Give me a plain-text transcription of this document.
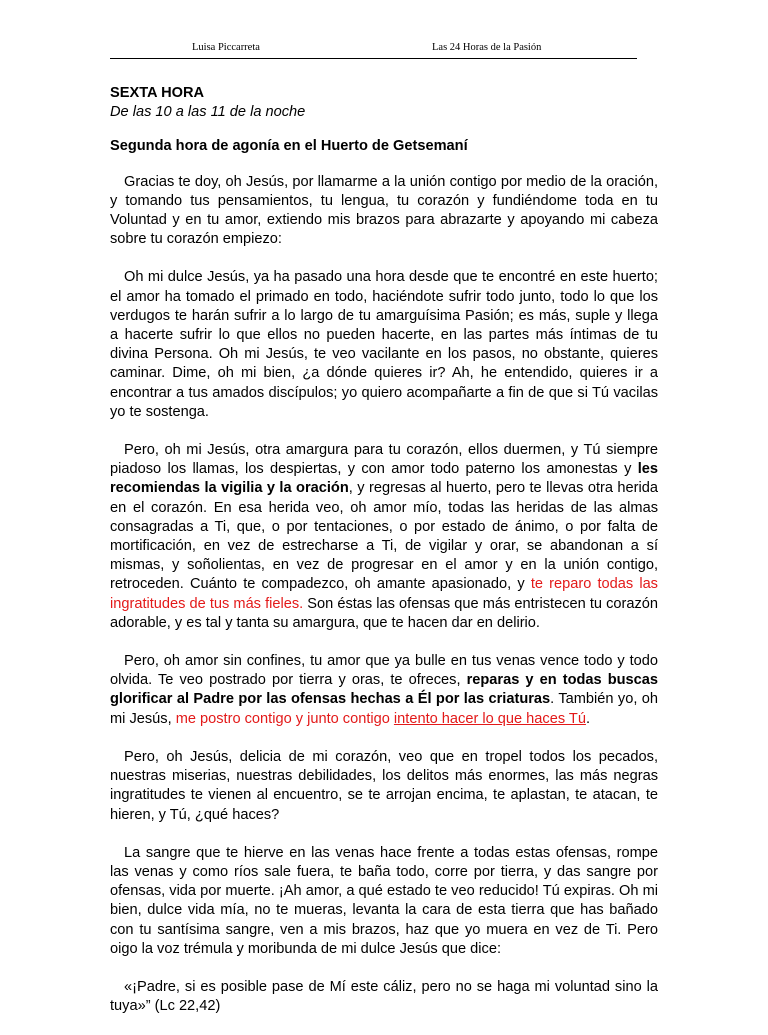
Luisa Piccarreta	Las 24 Horas de la Pasión
SEXTA HORA
De las 10 a las 11 de la noche
Segunda hora de agonía en el Huerto de Getsemaní

Gracias te doy, oh Jesús, por llamarme a la unión contigo por medio de la oración, y tomando tus pensamientos, tu lengua, tu corazón y fundiéndome toda en tu Voluntad y en tu amor, extiendo mis brazos para abrazarte y apoyando mi cabeza sobre tu corazón empiezo:

Oh mi dulce Jesús, ya ha pasado una hora desde que te encontré en este huerto; el amor ha tomado el primado en todo, haciéndote sufrir todo junto, todo lo que los verdugos te harán sufrir a lo largo de tu amarguísima Pasión; es más, suple y llega a hacerte sufrir lo que ellos no pueden hacerte, en las partes más íntimas de tu divina Persona. Oh mi Jesús, te veo vacilante en los pasos, no obstante, quieres caminar. Dime, oh mi bien, ¿a dónde quieres ir? Ah, he entendido, quieres ir a encontrar a tus amados discípulos; yo quiero acompañarte a fin de que si Tú vacilas yo te sostenga.

Pero, oh mi Jesús, otra amargura para tu corazón, ellos duermen, y Tú siempre piadoso los llamas, los despiertas, y con amor todo paterno los amonestas y les recomiendas la vigilia y la oración, y regresas al huerto, pero te llevas otra herida en el corazón. En esa herida veo, oh amor mío, todas las heridas de las almas consagradas a Ti, que, o por tentaciones, o por estado de ánimo, o por falta de mortificación, en vez de estrecharse a Ti, de vigilar y orar, se abandonan a sí mismas, y soñolientas, en vez de progresar en el amor y en la unión contigo, retroceden. Cuánto te compadezco, oh amante apasionado, y te reparo todas las ingratitudes de tus más fieles. Son éstas las ofensas que más entristecen tu corazón adorable, y es tal y tanta su amargura, que te hacen dar en delirio.

Pero, oh amor sin confines, tu amor que ya bulle en tus venas vence todo y todo olvida. Te veo postrado por tierra y oras, te ofreces, reparas y en todas buscas glorificar al Padre por las ofensas hechas a Él por las criaturas. También yo, oh mi Jesús, me postro contigo y junto contigo intento hacer lo que haces Tú.

Pero, oh Jesús, delicia de mi corazón, veo que en tropel todos los pecados, nuestras miserias, nuestras debilidades, los delitos más enormes, las más negras ingratitudes te vienen al encuentro, se te arrojan encima, te aplastan, te atacan, te hieren, y Tú, ¿qué haces?

La sangre que te hierve en las venas hace frente a todas estas ofensas, rompe las venas y como ríos sale fuera, te baña todo, corre por tierra, y das sangre por ofensas, vida por muerte. ¡Ah amor, a qué estado te veo reducido! Tú expiras. Oh mi bien, dulce vida mía, no te mueras, levanta la cara de esta tierra que has bañado con tu santísima sangre, ven a mis brazos, haz que yo muera en vez de Ti. Pero oigo la voz trémula y moribunda de mi dulce Jesús que dice:

«¡Padre, si es posible pase de Mí este cáliz, pero no se haga mi voluntad sino la tuya»” (Lc 22,42)
